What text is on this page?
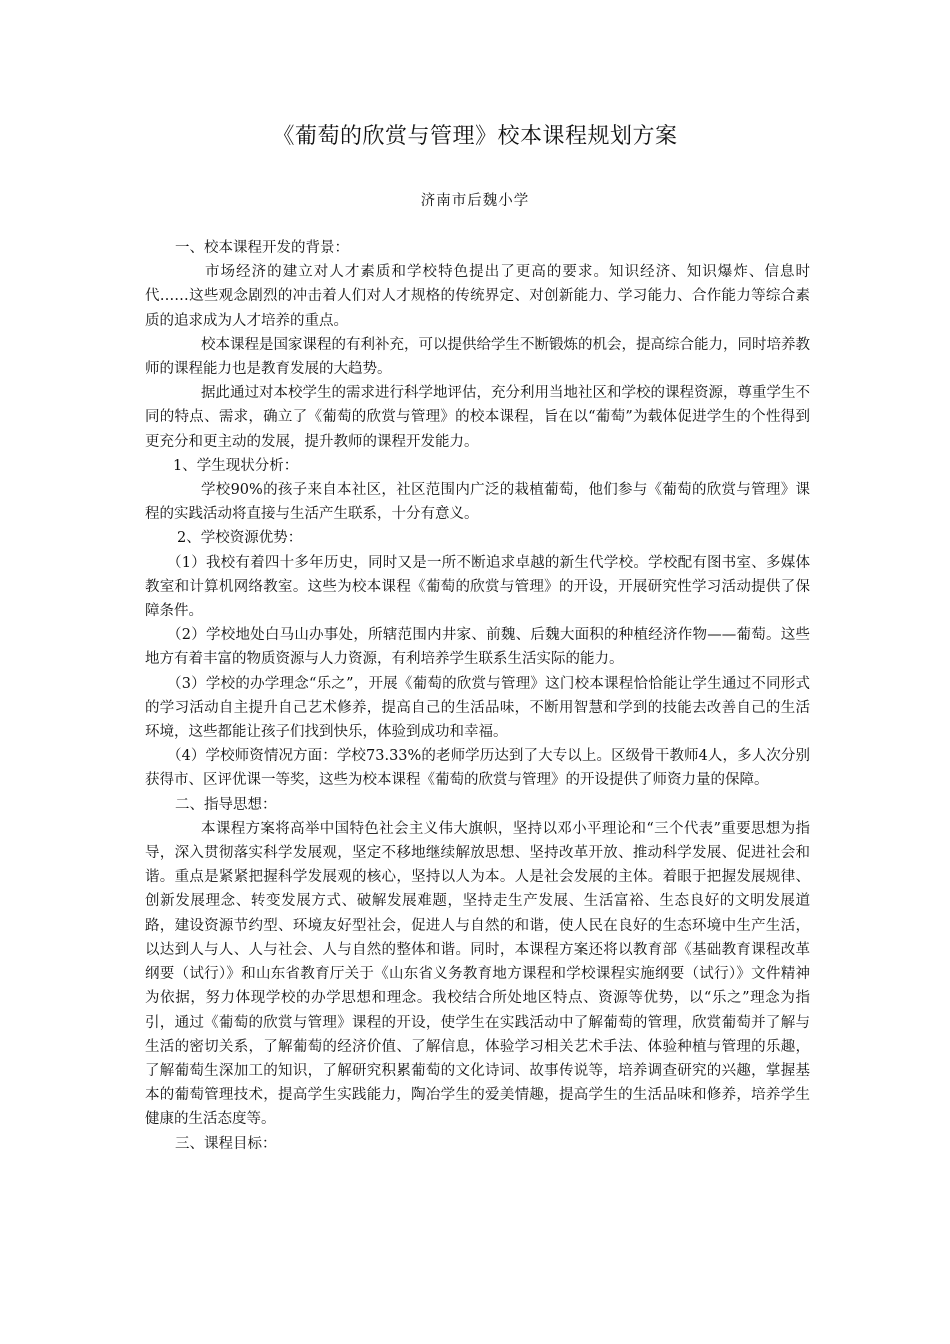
《葡萄的欣赏与管理》校本课程规划方案
济南市后魏小学

一、校本课程开发的背景：

市场经济的建立对人才素质和学校特色提出了更高的要求。知识经济、知识爆炸、信息时代……这些观念剧烈的冲击着人们对人才规格的传统界定、对创新能力、学习能力、合作能力等综合素质的追求成为人才培养的重点。

校本课程是国家课程的有利补充，可以提供给学生不断锻炼的机会，提高综合能力，同时培养教师的课程能力也是教育发展的大趋势。

据此通过对本校学生的需求进行科学地评估，充分利用当地社区和学校的课程资源，尊重学生不同的特点、需求，确立了《葡萄的欣赏与管理》的校本课程，旨在以“葡萄”为载体促进学生的个性得到更充分和更主动的发展，提升教师的课程开发能力。

1、学生现状分析：

学校90%的孩子来自本社区，社区范围内广泛的栽植葡萄，他们参与《葡萄的欣赏与管理》课程的实践活动将直接与生活产生联系，十分有意义。

2、学校资源优势：

（1）我校有着四十多年历史，同时又是一所不断追求卓越的新生代学校。学校配有图书室、多媒体教室和计算机网络教室。这些为校本课程《葡萄的欣赏与管理》的开设，开展研究性学习活动提供了保障条件。

（2）学校地处白马山办事处，所辖范围内井家、前魏、后魏大面积的种植经济作物——葡萄。这些地方有着丰富的物质资源与人力资源，有利培养学生联系生活实际的能力。

（3）学校的办学理念“乐之”，开展《葡萄的欣赏与管理》这门校本课程恰恰能让学生通过不同形式的学习活动自主提升自己艺术修养，提高自己的生活品味，不断用智慧和学到的技能去改善自己的生活环境，这些都能让孩子们找到快乐，体验到成功和幸福。

（4）学校师资情况方面：学校73.33%的老师学历达到了大专以上。区级骨干教师4人，多人次分别获得市、区评优课一等奖，这些为校本课程《葡萄的欣赏与管理》的开设提供了师资力量的保障。

二、指导思想：

本课程方案将高举中国特色社会主义伟大旗帜，坚持以邓小平理论和“三个代表”重要思想为指导，深入贯彻落实科学发展观，坚定不移地继续解放思想、坚持改革开放、推动科学发展、促进社会和谐。重点是紧紧把握科学发展观的核心，坚持以人为本。人是社会发展的主体。着眼于把握发展规律、创新发展理念、转变发展方式、破解发展难题，坚持走生产发展、生活富裕、生态良好的文明发展道路，建设资源节约型、环境友好型社会，促进人与自然的和谐，使人民在良好的生态环境中生产生活，以达到人与人、人与社会、人与自然的整体和谐。同时，本课程方案还将以教育部《基础教育课程改革纲要（试行）》和山东省教育厅关于《山东省义务教育地方课程和学校课程实施纲要（试行）》文件精神为依据，努力体现学校的办学思想和理念。我校结合所处地区特点、资源等优势，以“乐之”理念为指引，通过《葡萄的欣赏与管理》课程的开设，使学生在实践活动中了解葡萄的管理，欣赏葡萄并了解与生活的密切关系，了解葡萄的经济价值、了解信息，体验学习相关艺术手法、体验种植与管理的乐趣，了解葡萄生深加工的知识，了解研究积累葡萄的文化诗词、故事传说等，培养调查研究的兴趣，掌握基本的葡萄管理技术，提高学生实践能力，陶冶学生的爱美情趣，提高学生的生活品味和修养，培养学生健康的生活态度等。

三、课程目标：
